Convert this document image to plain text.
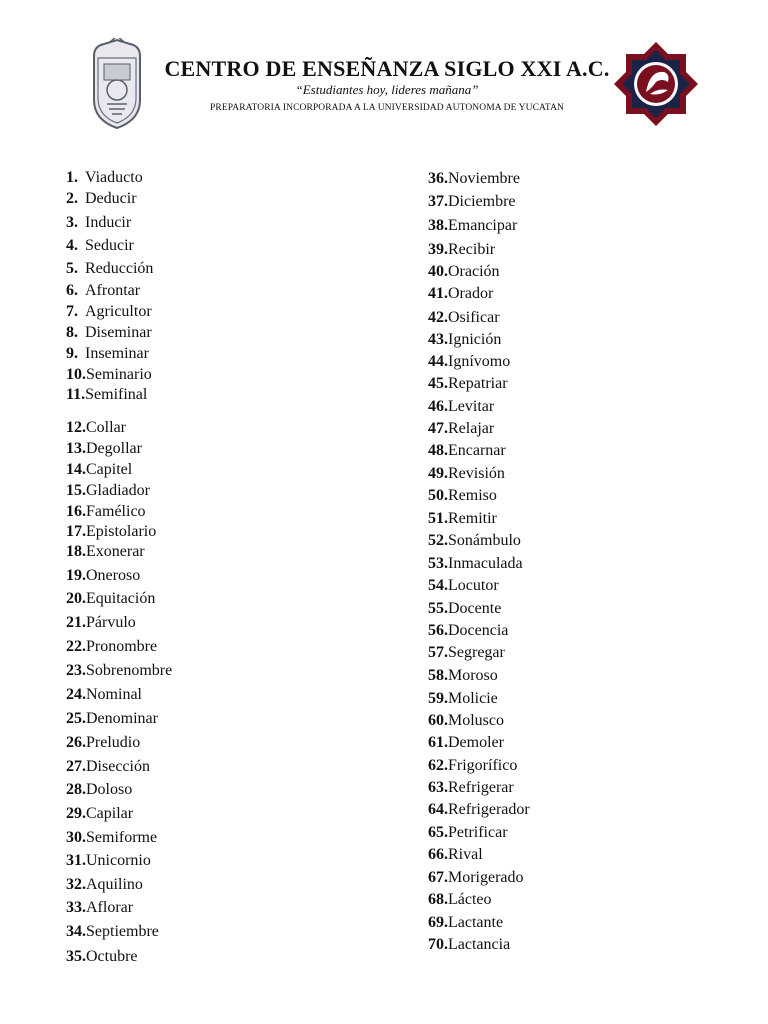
CENTRO DE ENSEÑANZA SIGLO XXI A.C.
“Estudiantes hoy, lideres mañana”
PREPARATORIA INCORPORADA A LA UNIVERSIDAD AUTONOMA DE YUCATAN
1. Viaducto
2. Deducir
3. Inducir
4. Seducir
5. Reducción
6. Afrontar
7. Agricultor
8. Diseminar
9. Inseminar
10.Seminario
11.Semifinal
12.Collar
13.Degollar
14.Capitel
15.Gladiador
16.Famélico
17.Epistolario
18.Exonerar
19.Oneroso
20.Equitación
21.Párvulo
22.Pronombre
23.Sobrenombre
24.Nominal
25.Denominar
26.Preludio
27.Disección
28.Doloso
29.Capilar
30.Semiforme
31.Unicornio
32.Aquilino
33.Aflorar
34.Septiembre
35.Octubre
36.Noviembre
37.Diciembre
38.Emancipar
39.Recibir
40.Oración
41.Orador
42.Osificar
43.Ignición
44.Ignívomo
45.Repatriar
46.Levitar
47.Relajar
48.Encarnar
49.Revisión
50.Remiso
51.Remitir
52.Sonámbulo
53.Inmaculada
54.Locutor
55.Docente
56.Docencia
57.Segregar
58.Moroso
59.Molicie
60.Molusco
61.Demoler
62.Frigorífico
63.Refrigerar
64.Refrigerador
65.Petrificar
66.Rival
67.Morigerado
68.Lácteo
69.Lactante
70.Lactancia
